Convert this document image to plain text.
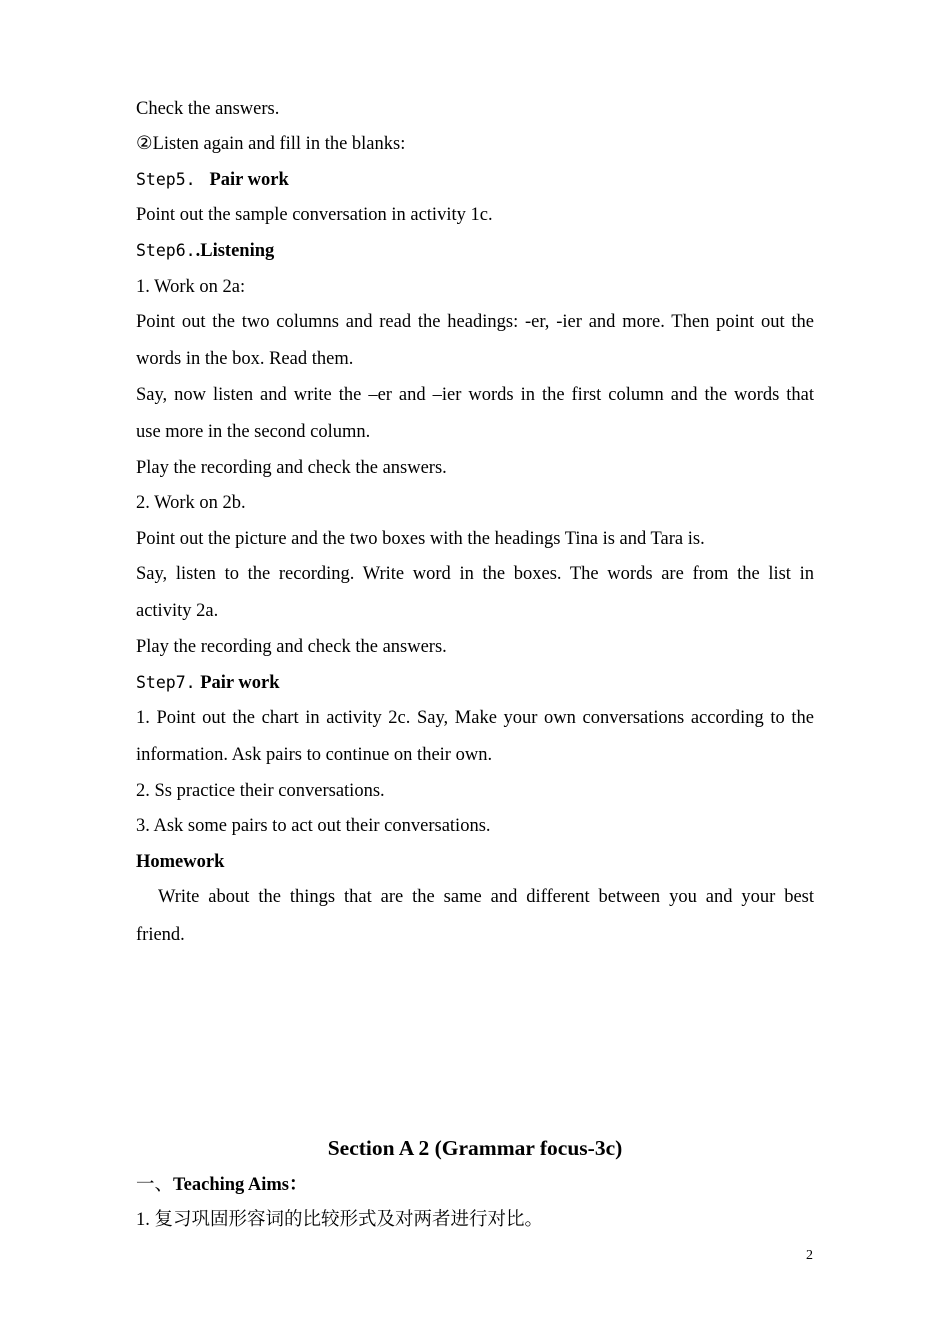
Check the answers.
②Listen again and fill in the blanks:
Step5. Pair work
Point out the sample conversation in activity 1c.
Step6..Listening
1. Work on 2a:
Point out the two columns and read the headings: -er, -ier and more. Then point out the
words in the box. Read them.
Say, now listen and write the –er and –ier words in the first column and the words that
use more in the second column.
Play the recording and check the answers.
2. Work on 2b.
Point out the picture and the two boxes with the headings Tina is and Tara is.
Say, listen to the recording. Write word in the boxes. The words are from the list in
activity 2a.
Play the recording and check the answers.
Step7. Pair work
1. Point out the chart in activity 2c. Say, Make your own conversations according to the
information. Ask pairs to continue on their own.
2. Ss practice their conversations.
3. Ask some pairs to act out their conversations.
Homework
Write about the things that are the same and different between you and your best
friend.
Section A 2 (Grammar focus-3c)
一、Teaching Aims：
1. 复习巩固形容词的比较形式及对两者进行对比。
2
